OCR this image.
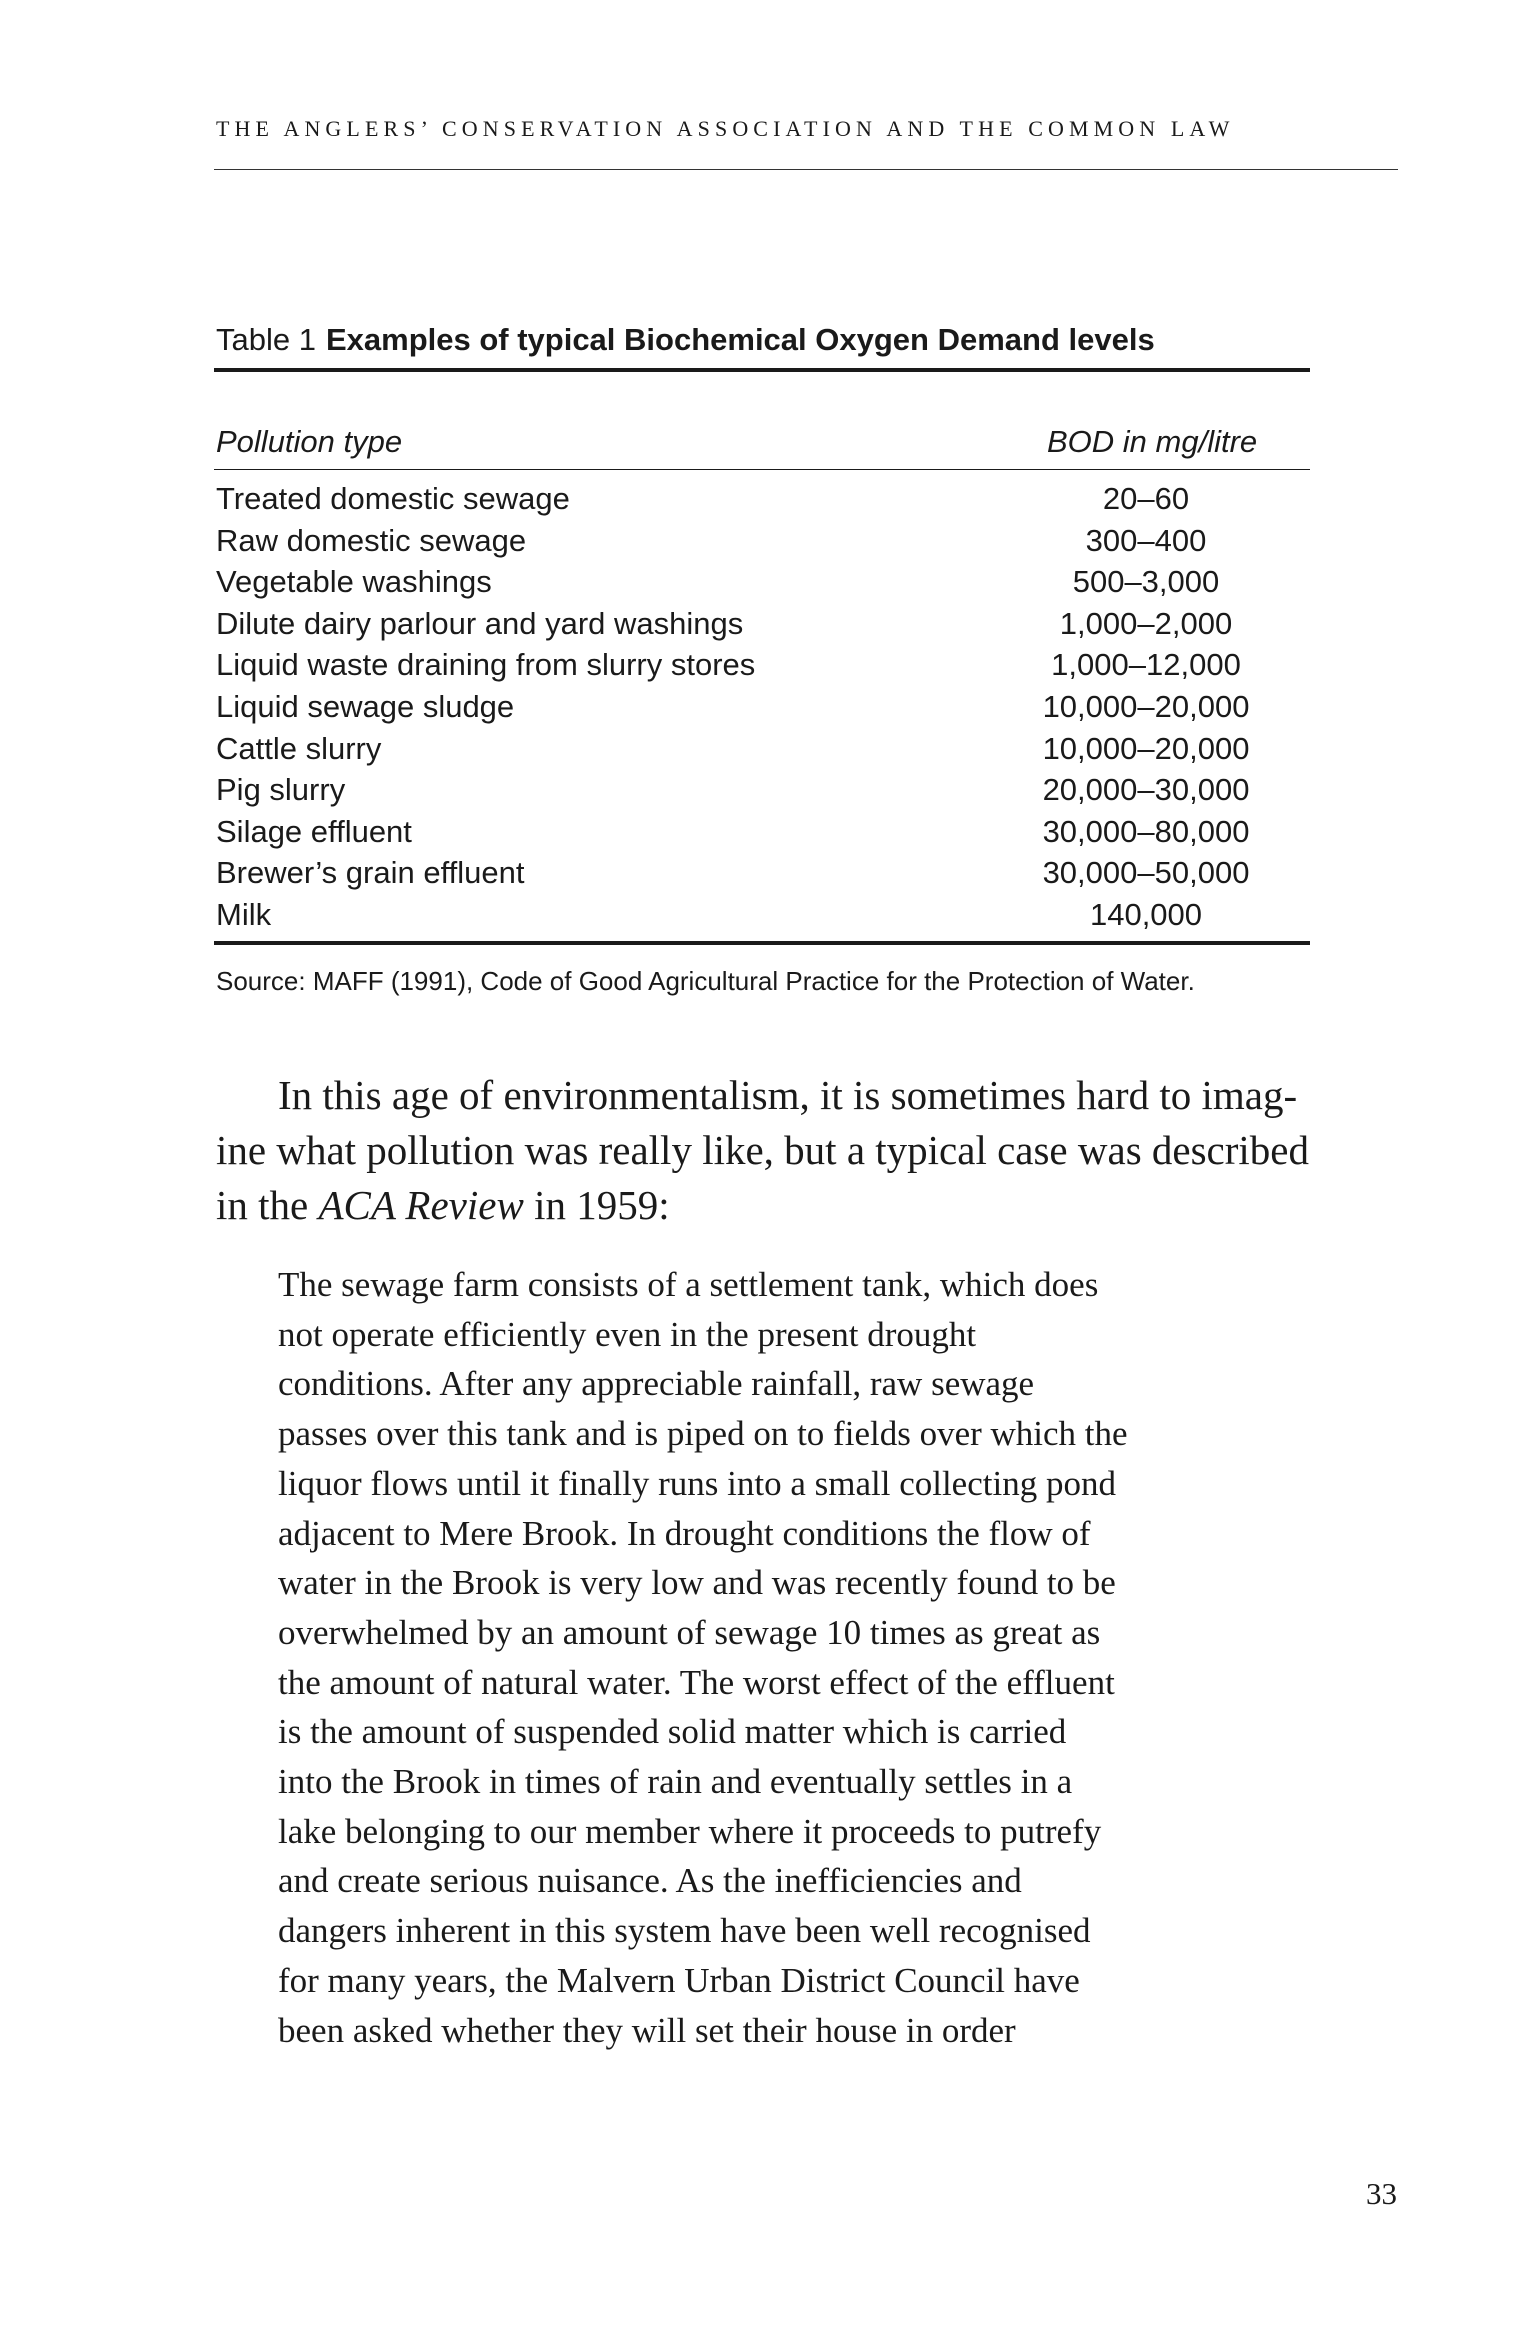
THE ANGLERS’ CONSERVATION ASSOCIATION AND THE COMMON LAW
Table 1 Examples of typical Biochemical Oxygen Demand levels
Pollution type	BOD in mg/litre
Treated domestic sewage	20–60
Raw domestic sewage	300–400
Vegetable washings	500–3,000
Dilute dairy parlour and yard washings	1,000–2,000
Liquid waste draining from slurry stores	1,000–12,000
Liquid sewage sludge	10,000–20,000
Cattle slurry	10,000–20,000
Pig slurry	20,000–30,000
Silage effluent	30,000–80,000
Brewer’s grain effluent	30,000–50,000
Milk	140,000
Source: MAFF (1991), Code of Good Agricultural Practice for the Protection of Water.
In this age of environmentalism, it is sometimes hard to imag-
ine what pollution was really like, but a typical case was described
in the ACA Review in 1959:
The sewage farm consists of a settlement tank, which does
not operate efficiently even in the present drought
conditions. After any appreciable rainfall, raw sewage
passes over this tank and is piped on to fields over which the
liquor flows until it finally runs into a small collecting pond
adjacent to Mere Brook. In drought conditions the flow of
water in the Brook is very low and was recently found to be
overwhelmed by an amount of sewage 10 times as great as
the amount of natural water. The worst effect of the effluent
is the amount of suspended solid matter which is carried
into the Brook in times of rain and eventually settles in a
lake belonging to our member where it proceeds to putrefy
and create serious nuisance. As the inefficiencies and
dangers inherent in this system have been well recognised
for many years, the Malvern Urban District Council have
been asked whether they will set their house in order
33
